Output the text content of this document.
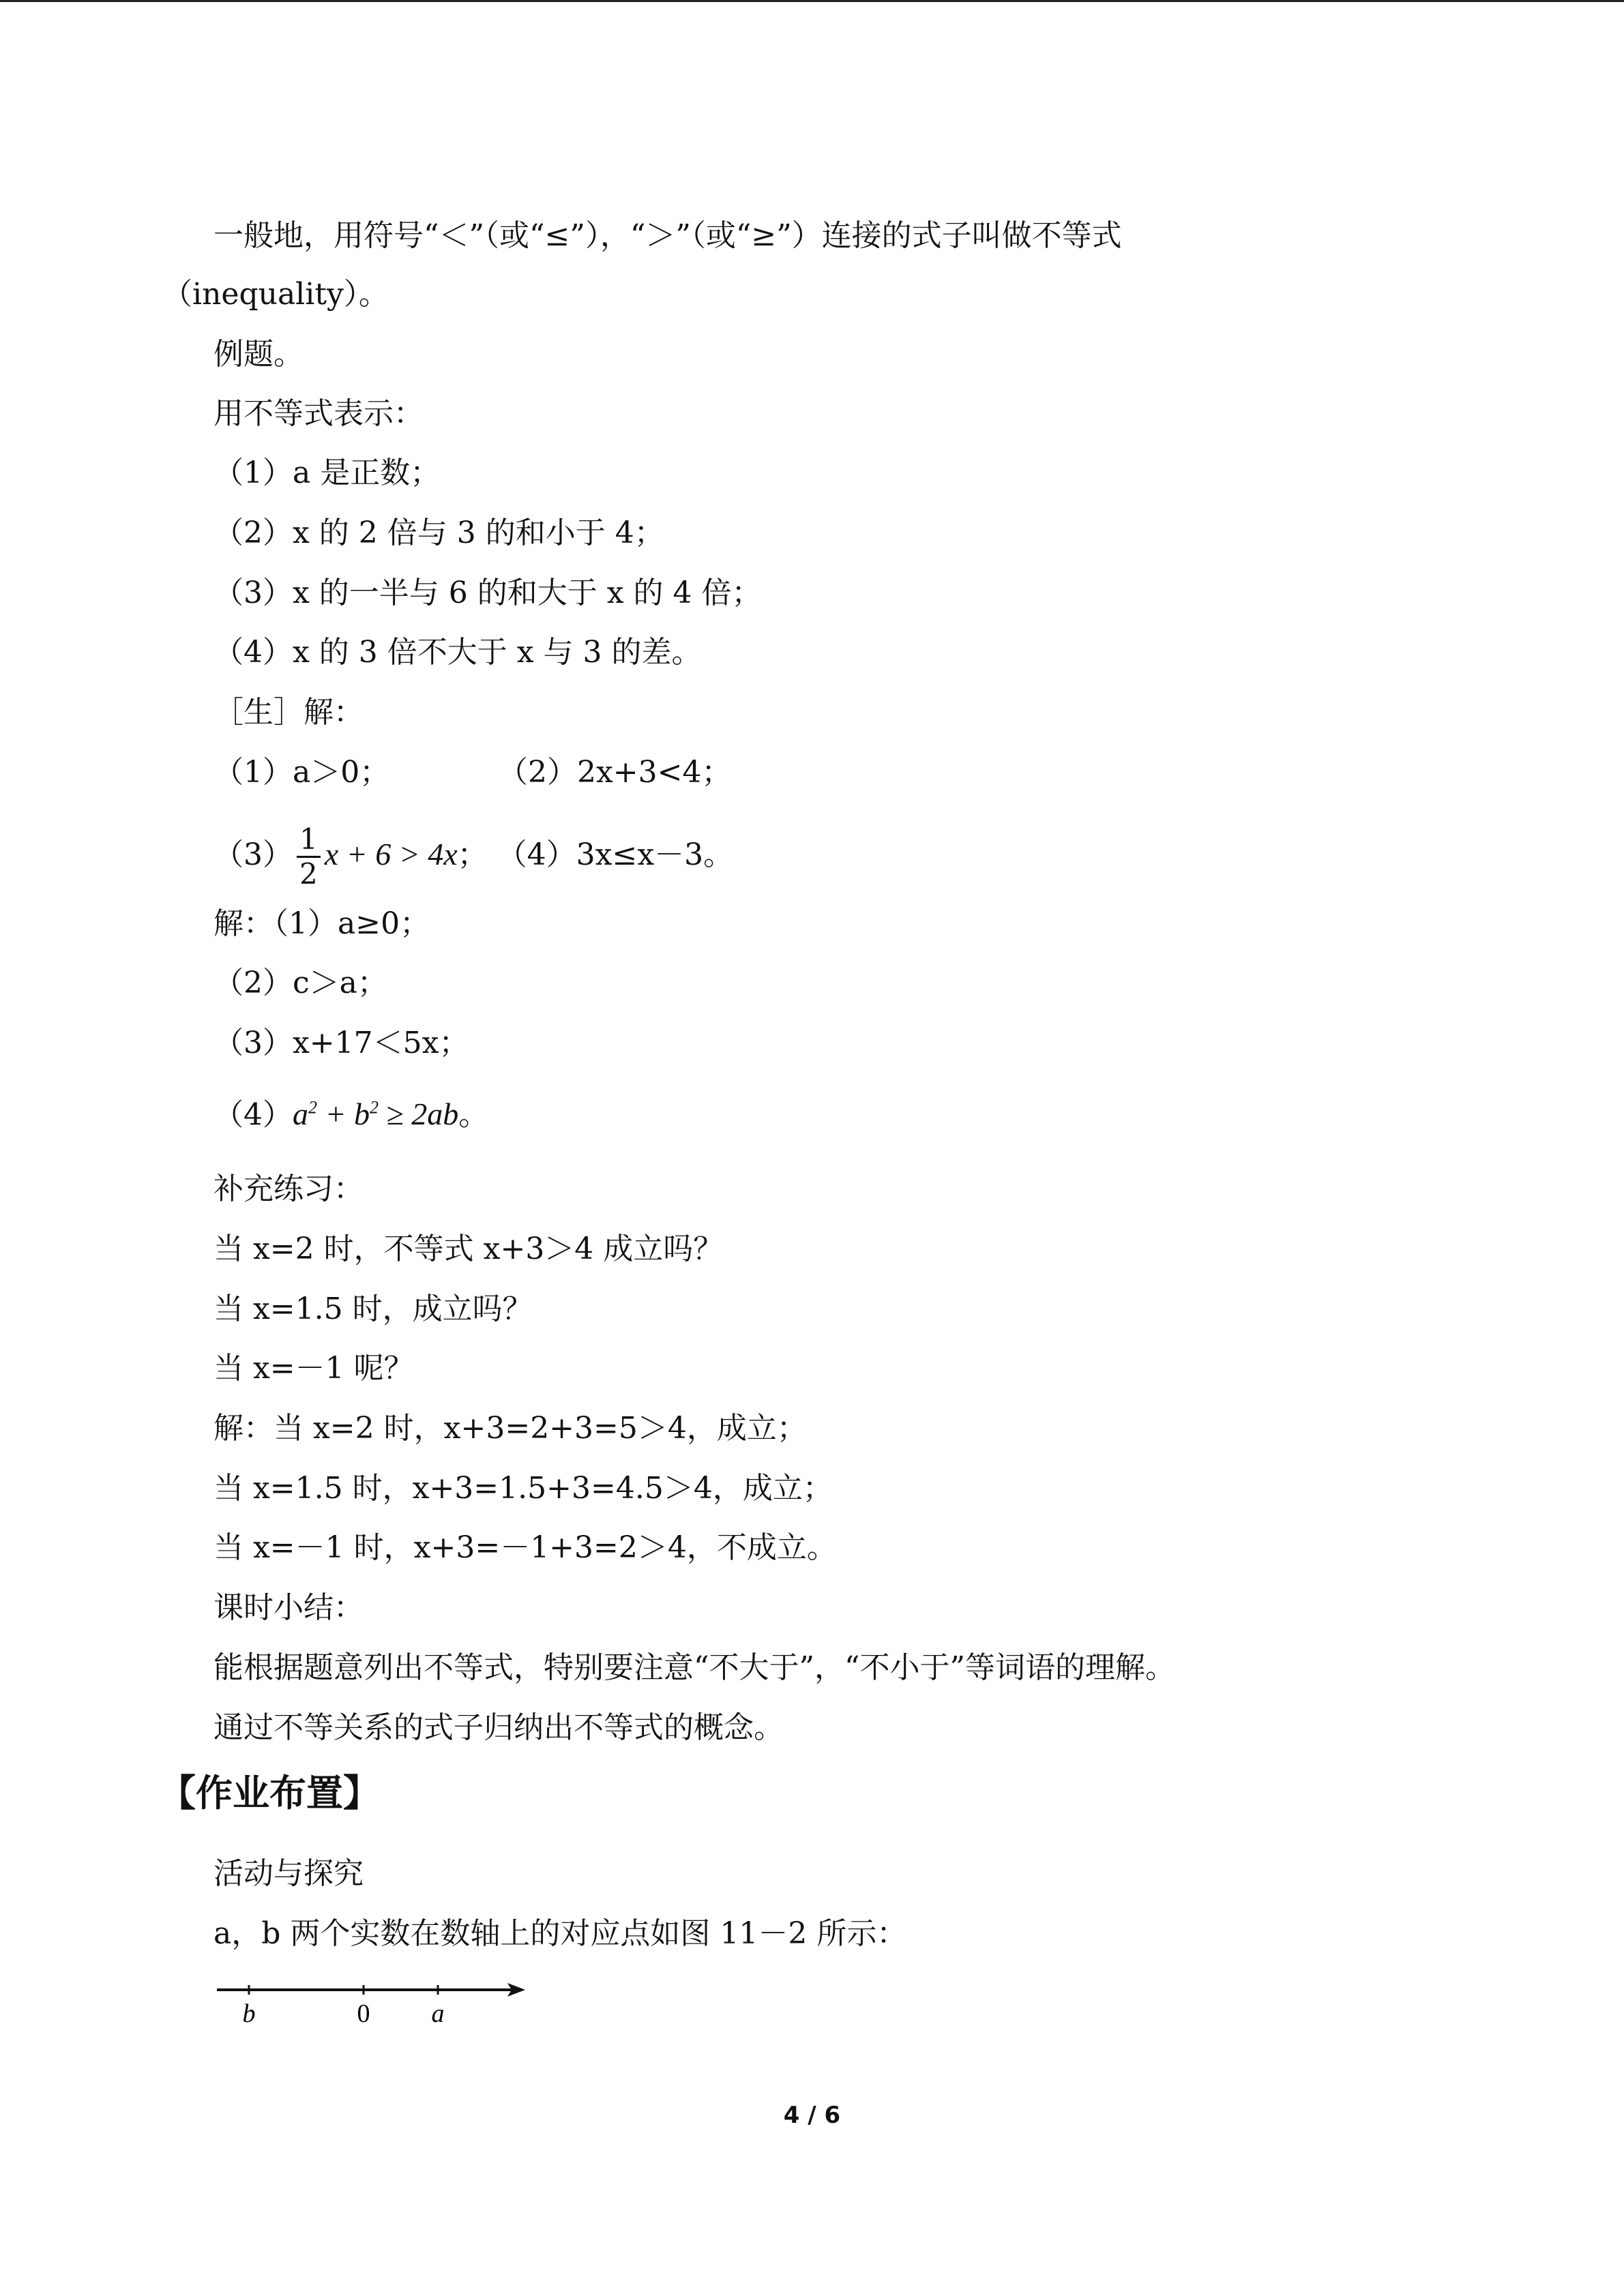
一般地，用符号“＜”（或“≤”），“＞”（或“≥”）连接的式子叫做不等式
（inequality）。
例题。
用不等式表示：
（1）a 是正数；
（2）x 的 2 倍与 3 的和小于 4；
（3）x 的一半与 6 的和大于 x 的 4 倍；
（4）x 的 3 倍不大于 x 与 3 的差。
［生］解：
（1）a＞0；	（2）2x+3<4；
$(3) \frac{1}{2}$ x + 6 > 4x； （4）3x≤x－3。
解：（1）a≥0；
（2）c＞a；
（3）x+17＜5x；
$(4)a^2 + b^2 \ge 2ab$。
补充练习：
当 x=2 时，不等式 x+3＞4 成立吗？
当 x=1.5 时，成立吗？
当 x=－1 呢？
解：当 x=2 时，x+3=2+3=5＞4，成立；
当 x=1.5 时，x+3=1.5+3=4.5＞4，成立；
当 x=－1 时，x+3=－1+3=2＞4，不成立。
课时小结：
能根据题意列出不等式，特别要注意“不大于”，“不小于”等词语的理解。
通过不等关系的式子归纳出不等式的概念。
【作业布置】
活动与探究
a，b 两个实数在数轴上的对应点如图 11－2 所示：
b	0 a
4 / 6
